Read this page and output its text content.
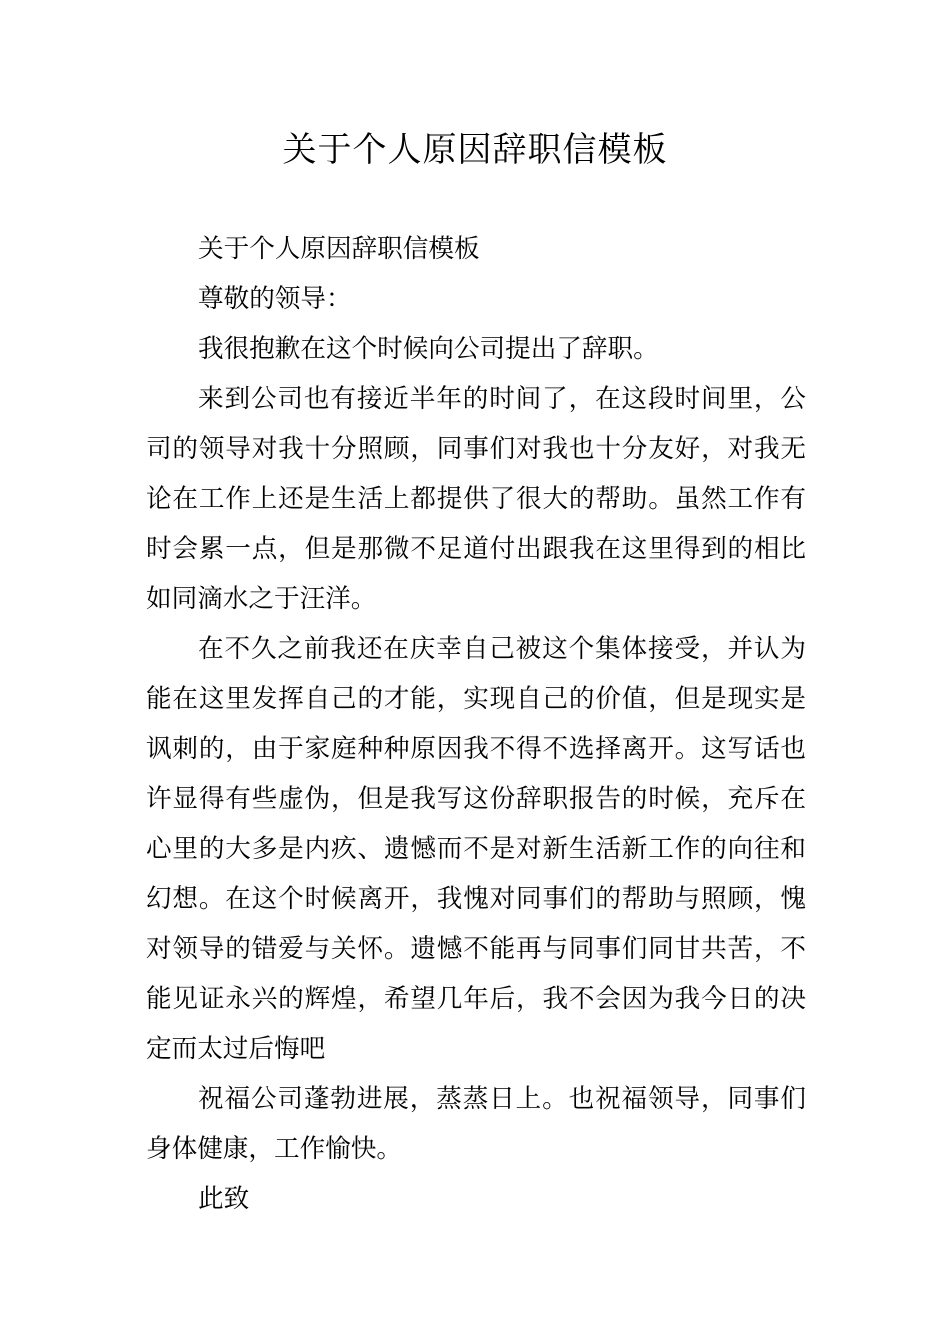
关于个人原因辞职信模板

关于个人原因辞职信模板

尊敬的领导：

我很抱歉在这个时候向公司提出了辞职。

来到公司也有接近半年的时间了，在这段时间里，公司的领导对我十分照顾，同事们对我也十分友好，对我无论在工作上还是生活上都提供了很大的帮助。虽然工作有时会累一点，但是那微不足道付出跟我在这里得到的相比如同滴水之于汪洋。

在不久之前我还在庆幸自己被这个集体接受，并认为能在这里发挥自己的才能，实现自己的价值，但是现实是讽刺的，由于家庭种种原因我不得不选择离开。这写话也许显得有些虚伪，但是我写这份辞职报告的时候，充斥在心里的大多是内疚、遗憾而不是对新生活新工作的向往和幻想。在这个时候离开，我愧对同事们的帮助与照顾，愧对领导的错爱与关怀。遗憾不能再与同事们同甘共苦，不能见证永兴的辉煌，希望几年后，我不会因为我今日的决定而太过后悔吧

祝福公司蓬勃进展，蒸蒸日上。也祝福领导，同事们身体健康，工作愉快。

此致
